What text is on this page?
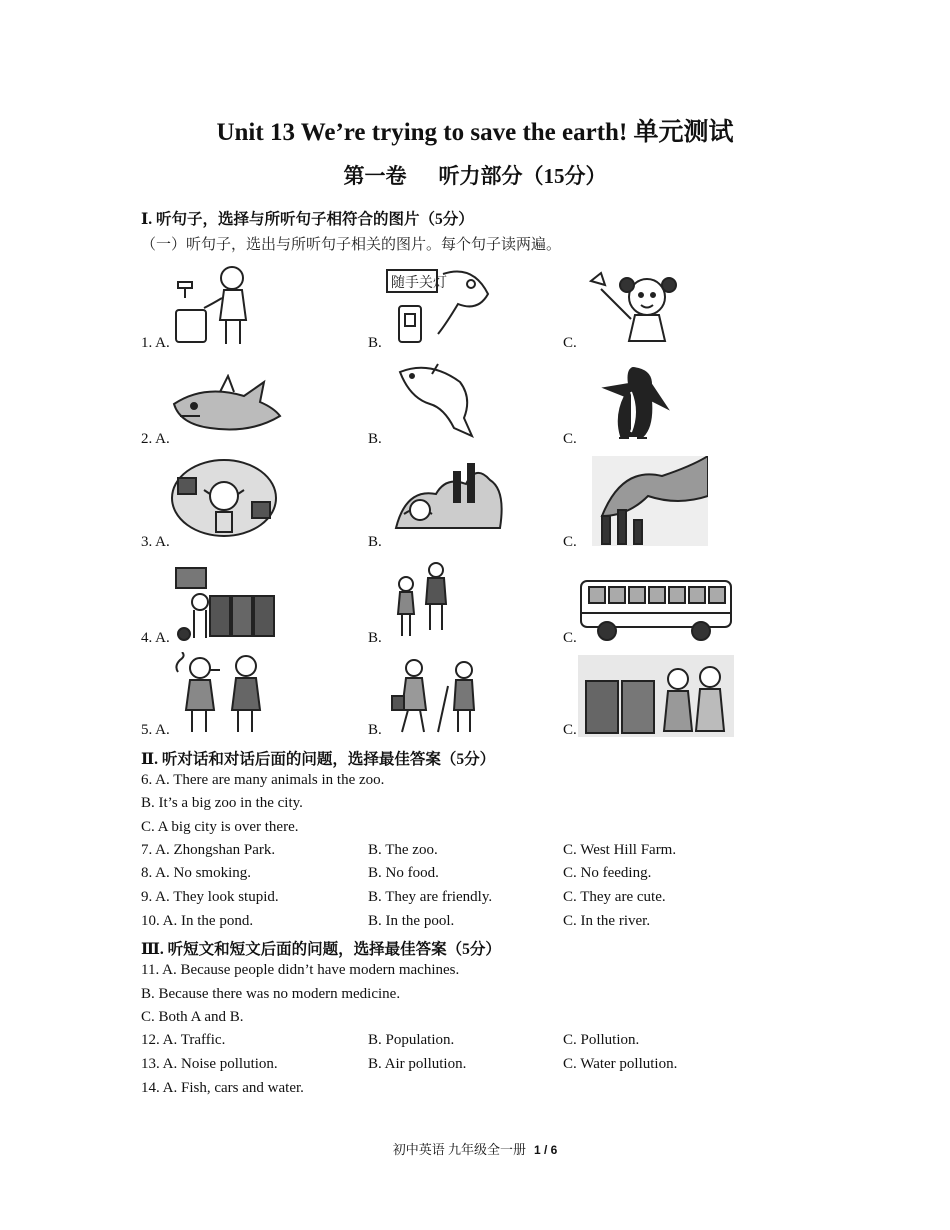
Unit 13 We’re trying to save the earth! 单元测试
第一卷 听力部分（15分）
Ⅰ. 听句子，选择与所听句子相符合的图片（5分）
（一）听句子，选出与所听句子相关的图片。每个句子读两遍。
1. A.	B.	C.
随手关灯
2. A.	B.	C.
3. A.	B.	C.
4. A.	B.	C.
5. A.	B.	C.
Ⅱ. 听对话和对话后面的问题，选择最佳答案（5分）
6. A. There are many animals in the zoo.
B. It’s a big zoo in the city.
C. A big city is over there.
7. A. Zhongshan Park.	B. The zoo.	C. West Hill Farm.
8. A. No smoking.	B. No food.	C. No feeding.
9. A. They look stupid.	B. They are friendly.	C. They are cute.
10. A. In the pond.	B. In the pool.	C. In the river.
Ⅲ. 听短文和短文后面的问题，选择最佳答案（5分）
11. A. Because people didn’t have modern machines.
B. Because there was no modern medicine.
C. Both A and B.
12. A. Traffic.	B. Population.	C. Pollution.
13. A. Noise pollution.	B. Air pollution.	C. Water pollution.
14. A. Fish, cars and water.
初中英语 九年级全一册 1 / 6
